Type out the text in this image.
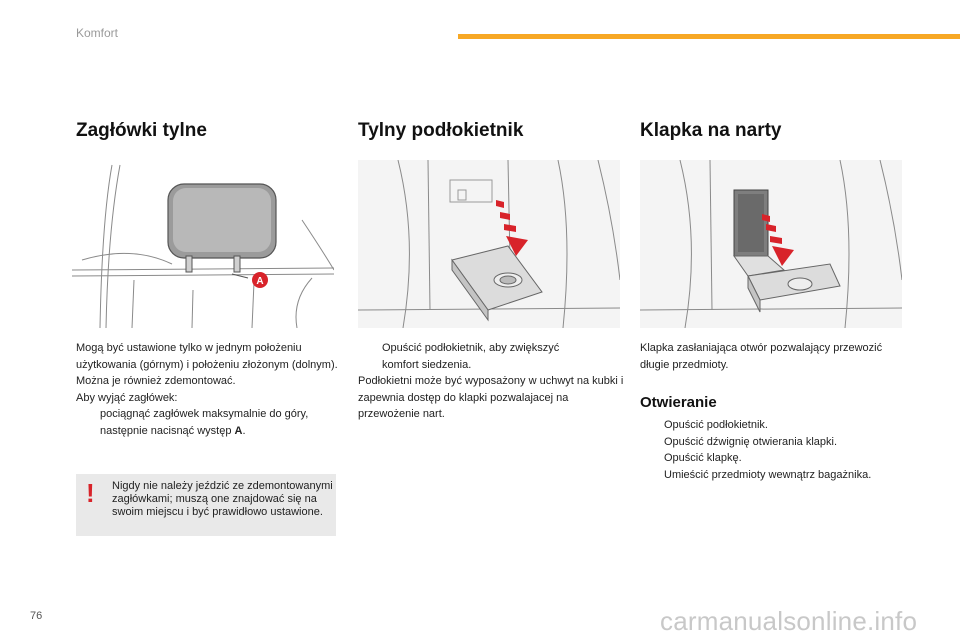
Komfort
Zagłówki tylne	Tylny podłokietnik	Klapka na narty
A

Mogą być ustawione tylko w jednym położeniu użytkowania (górnym) i położeniu złożonym (dolnym).

Można je również zdemontować.

Aby wyjąć zagłówek:

pociągnąć zagłówek maksymalnie do góry,

następnie nacisnąć występ A.

! Nigdy nie należy jeździć ze zdemontowanymi zagłówkami; muszą one znajdować się na swoim miejscu i być prawidłowo ustawione.

Opuścić podłokietnik, aby zwiększyć

komfort siedzenia.

Podłokietni może być wyposażony w uchwyt na kubki i zapewnia dostęp do klapki pozwalajacej na przewożenie nart.

Klapka zasłaniająca otwór pozwalający przewozić długie przedmioty.

Otwieranie

Opuścić podłokietnik.

Opuścić dźwignię otwierania klapki.

Opuścić klapkę.

Umieścić przedmioty wewnątrz bagażnika.

76	carmanualsonline.info
